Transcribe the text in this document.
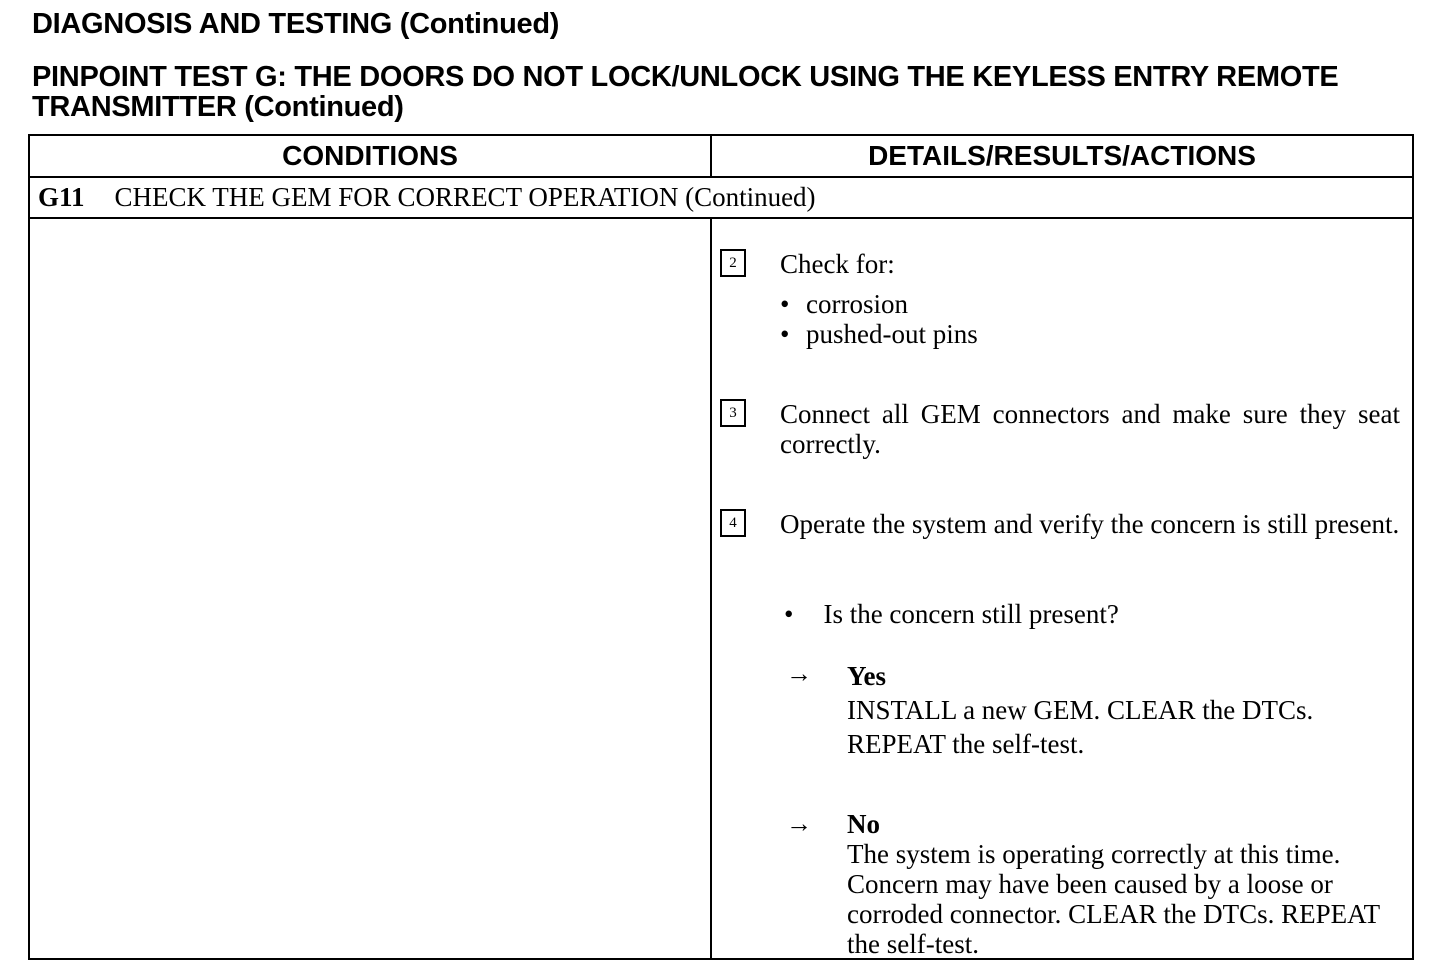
DIAGNOSIS AND TESTING (Continued)
PINPOINT TEST G: THE DOORS DO NOT LOCK/UNLOCK USING THE KEYLESS ENTRY REMOTE TRANSMITTER (Continued)
CONDITIONS	DETAILS/RESULTS/ACTIONS
G11 CHECK THE GEM FOR CORRECT OPERATION (Continued)
2	Check for:
• corrosion
• pushed-out pins
3	Connect all GEM connectors and make sure they seat correctly.
4	Operate the system and verify the concern is still present.
• Is the concern still present?
→ Yes
INSTALL a new GEM. CLEAR the DTCs. REPEAT the self-test.
→ No
The system is operating correctly at this time. Concern may have been caused by a loose or corroded connector. CLEAR the DTCs. REPEAT the self-test.
